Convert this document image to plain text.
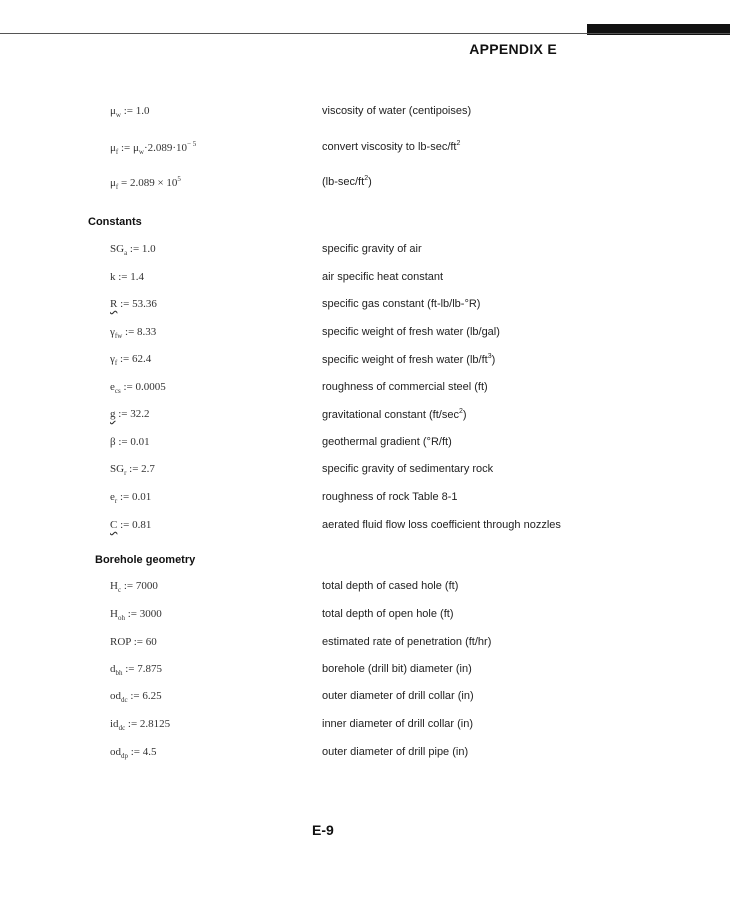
APPENDIX E
$\mu_w$ := 1.0	viscosity of water (centipoises)
$\mu_f$ := $\mu_w\cdot 2.089\cdot 10^{- 5}$	convert viscosity to $lb-\sec/ft^2$
$\mu_f = 2.089 \times 10^5$	$(lb-\sec/ft^2)$
Constants
$SG_a$ := 1.0	specific gravity of air
k := 1.4	air specific heat constant
R := 53.36	specific gas constant (ft-lb/lb-°R)
$\gamma_{fw}$ := 8.33	specific weight of fresh water (lb/gal)
$\gamma_f$ := 62.4	specific weight of fresh water $(lb/ft^3)$
$e_{cs}$ := 0.0005	roughness of commercial steel (ft)
g := 32.2	gravitational constant $(ft/\sec^2)$
β := 0.01	geothermal gradient (°R/ft)
$SG_r$ := 2.7	specific gravity of sedimentary rock
$e_r$ := 0.01	roughness of rock Table 8-1
C := 0.81	aerated fluid flow loss coefficient through nozzles
Borehole geometry
$H_c$ := 7000	total depth of cased hole (ft)
$H_{oh}$ := 3000	total depth of open hole (ft)
ROP := 60	estimated rate of penetration (ft/hr)
$d_{bh}$ := 7.875	borehole (drill bit) diameter (in)
$od_{dc}$ := 6.25	outer diameter of drill collar (in)
$id_{dc}$ := 2.8125	inner diameter of drill collar (in)
$od_{dp}$ := 4.5	outer diameter of drill pipe (in)
E-9
